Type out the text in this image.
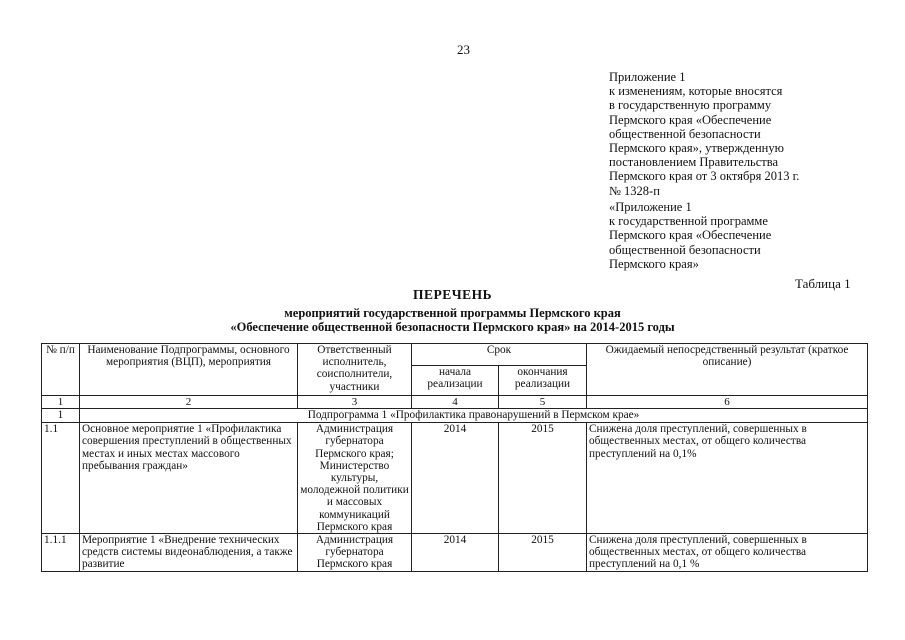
23
Приложение 1
к изменениям, которые вносятся
в государственную программу
Пермского края «Обеспечение
общественной безопасности
Пермского края», утвержденную
постановлением Правительства
Пермского края от 3 октября 2013 г.
№ 1328-п
«Приложение 1
к государственной программе
Пермского края «Обеспечение
общественной безопасности
Пермского края»
Таблица 1
ПЕРЕЧЕНЬ
мероприятий государственной программы Пермского края
«Обеспечение общественной безопасности Пермского края» на 2014-2015 годы
№ п/п	Наименование Подпрограммы, основного мероприятия (ВЦП), мероприятия	Ответственный исполнитель, соисполнители, участники	Срок		Ожидаемый непосредственный результат (краткое описание)
			начала реализации	окончания реализации	
1	2	3	4	5	6
1	Подпрограмма 1 «Профилактика правонарушений в Пермском крае»				
1.1	Основное мероприятие 1 «Профилактика совершения преступлений в общественных местах и иных местах массового пребывания граждан»	Администрация губернатора Пермского края; Министерство культуры, молодежной политики и массовых коммуникаций Пермского края	2014	2015	Снижена доля преступлений, совершенных в общественных местах, от общего количества преступлений на 0,1%
1.1.1	Мероприятие 1 «Внедрение технических средств системы видеонаблюдения, а также развитие	Администрация губернатора Пермского края	2014	2015	Снижена доля преступлений, совершенных в общественных местах, от общего количества преступлений на 0,1 %
